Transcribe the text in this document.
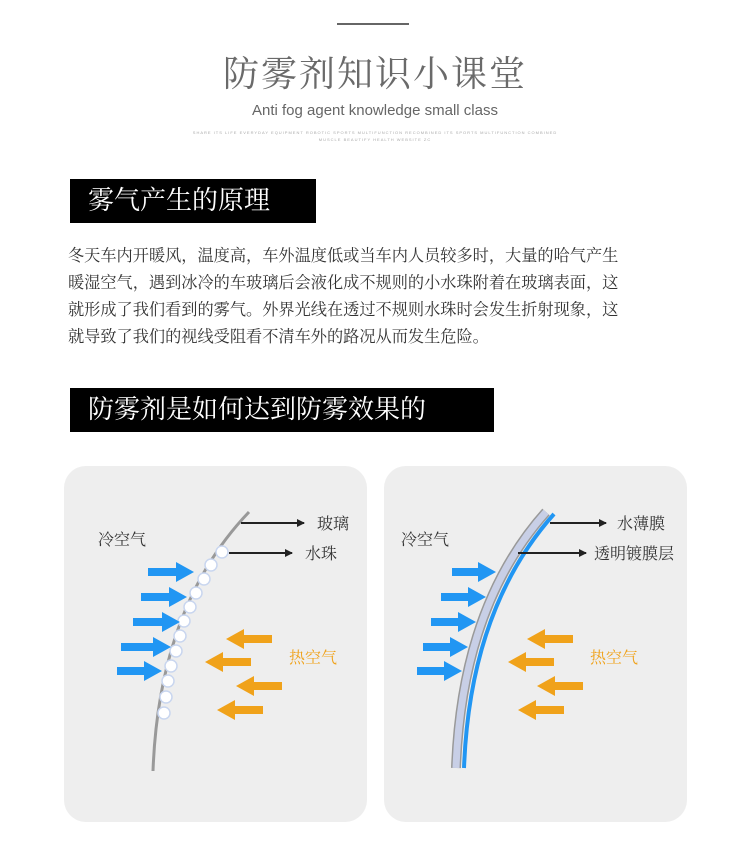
防雾剂知识小课堂
Anti fog agent knowledge small class
SHARE ITS LIFE EVERYDAY EQUIPMENT ROBOTIC SPORTS MULTIFUNCTION RECOMBINED ITS SPORTS MULTIFUNCTION COMBINED
MUSCLE BEAUTIFY HEALTH WEBSITE ZC
雾气产生的原理
冬天车内开暖风，温度高，车外温度低或当车内人员较多时，大量的哈气产生
暖湿空气，遇到冰冷的车玻璃后会液化成不规则的小水珠附着在玻璃表面，这
就形成了我们看到的雾气。外界光线在透过不规则水珠时会发生折射现象，这
就导致了我们的视线受阻看不清车外的路况从而发生危险。
防雾剂是如何达到防雾效果的
玻璃
水珠
冷空气
热空气
水薄膜
透明镀膜层
冷空气
热空气
